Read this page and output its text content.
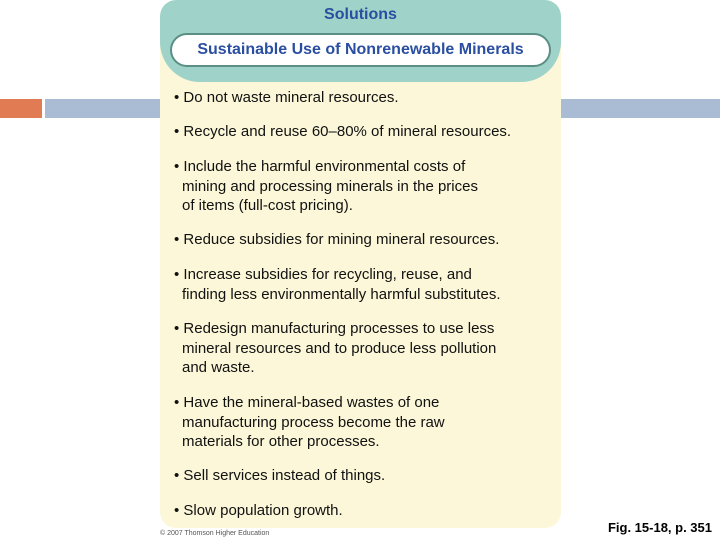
Solutions
Sustainable Use of Nonrenewable Minerals
• Do not waste mineral resources.
• Recycle and reuse 60–80% of mineral resources.
• Include the harmful environmental costs of
mining and processing minerals in the prices
of items (full-cost pricing).
• Reduce subsidies for mining mineral resources.
• Increase subsidies for recycling, reuse, and
finding less environmentally harmful substitutes.
• Redesign manufacturing processes to use less
mineral resources and to produce less pollution
and waste.
• Have the mineral-based wastes of one
manufacturing process become the raw
materials for other processes.
• Sell services instead of things.
• Slow population growth.
© 2007 Thomson Higher Education	Fig. 15-18, p. 351
